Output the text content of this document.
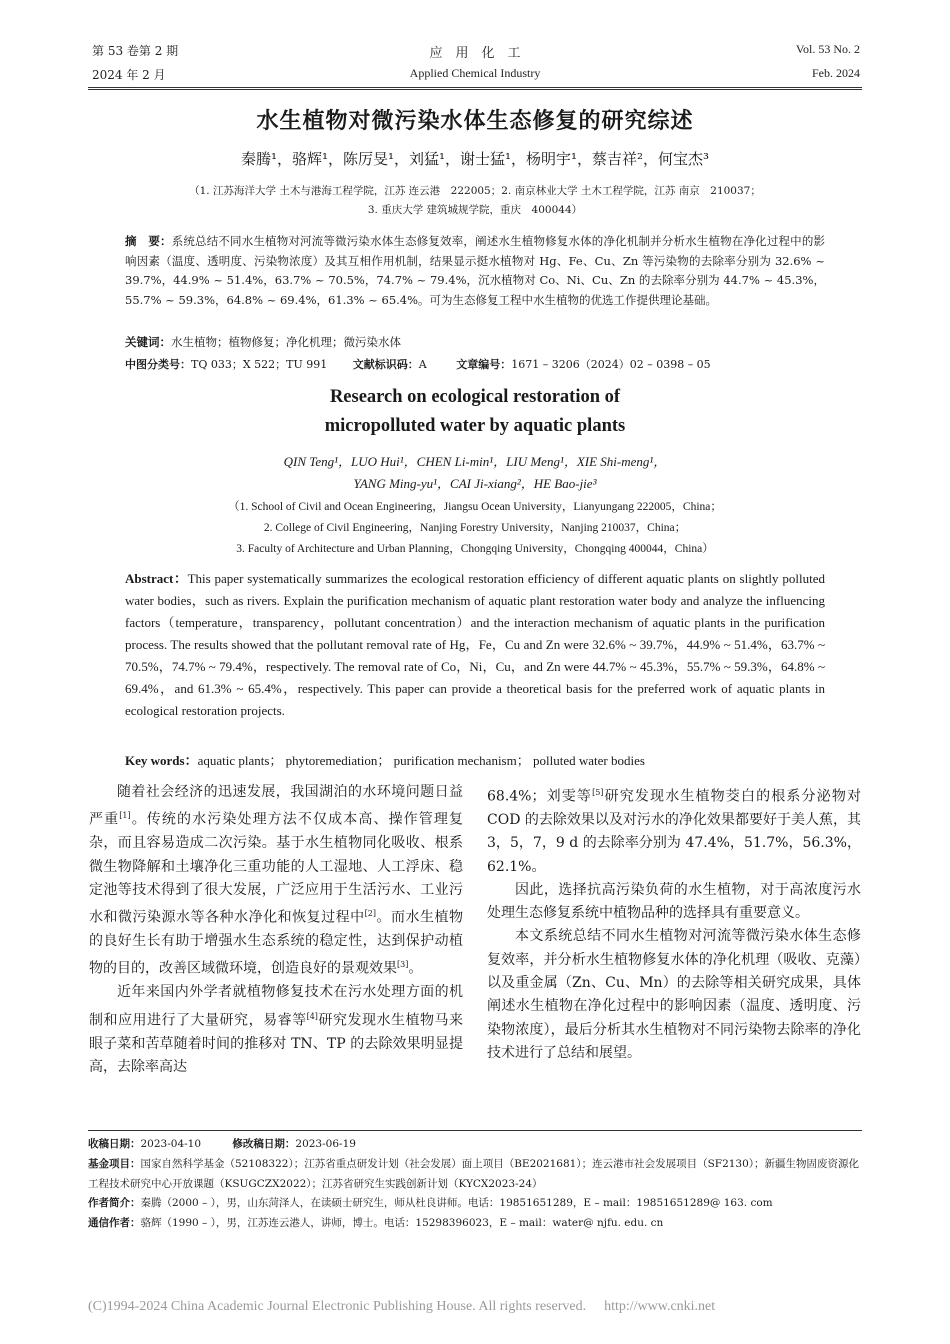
第 53 卷第 2 期
2024 年 2 月
应　用　化　工
Applied Chemical Industry
Vol. 53 No. 2
Feb. 2024
水生植物对微污染水体生态修复的研究综述
秦腾¹，骆辉¹，陈厉旻¹，刘猛¹，谢士猛¹，杨明宇¹，蔡吉祥²，何宝杰³
（1. 江苏海洋大学 土木与港海工程学院，江苏 连云港　222005；2. 南京林业大学 土木工程学院，江苏 南京　210037；
3. 重庆大学 建筑城规学院，重庆　400044）
摘　要：系统总结不同水生植物对河流等微污染水体生态修复效率，阐述水生植物修复水体的净化机制并分析水生植物在净化过程中的影响因素（温度、透明度、污染物浓度）及其互相作用机制，结果显示挺水植物对 Hg、Fe、Cu、Zn 等污染物的去除率分别为 32.6% ~ 39.7%，44.9% ~ 51.4%，63.7% ~ 70.5%，74.7% ~ 79.4%，沉水植物对 Co、Ni、Cu、Zn 的去除率分别为 44.7% ~ 45.3%，55.7% ~ 59.3%，64.8% ~ 69.4%，61.3% ~ 65.4%。可为生态修复工程中水生植物的优选工作提供理论基础。
关键词：水生植物；植物修复；净化机理；微污染水体
中图分类号：TQ 033；X 522；TU 991 文献标识码：A	文章编号：1671 – 3206（2024）02 – 0398 – 05
Research on ecological restoration of
micropolluted water by aquatic plants
QIN Teng¹，LUO Hui¹，CHEN Li-min¹，LIU Meng¹，XIE Shi-meng¹，
YANG Ming-yu¹，CAI Ji-xiang²，HE Bao-jie³
（1. School of Civil and Ocean Engineering，Jiangsu Ocean University，Lianyungang 222005，China；
2. College of Civil Engineering，Nanjing Forestry University，Nanjing 210037，China；
3. Faculty of Architecture and Urban Planning，Chongqing University，Chongqing 400044，China）
Abstract：This paper systematically summarizes the ecological restoration efficiency of different aquatic plants on slightly polluted water bodies，such as rivers. Explain the purification mechanism of aquatic plant restoration water body and analyze the influencing factors（temperature，transparency，pollutant concentration）and the interaction mechanism of aquatic plants in the purification process. The results showed that the pollutant removal rate of Hg，Fe，Cu and Zn were 32.6% ~ 39.7%，44.9% ~ 51.4%，63.7% ~ 70.5%，74.7% ~ 79.4%，respectively. The removal rate of Co，Ni，Cu，and Zn were 44.7% ~ 45.3%，55.7% ~ 59.3%，64.8% ~ 69.4%，and 61.3% ~ 65.4%，respectively. This paper can provide a theoretical basis for the preferred work of aquatic plants in ecological restoration projects.
Key words：aquatic plants； phytoremediation； purification mechanism； polluted water bodies

随着社会经济的迅速发展，我国湖泊的水环境问题日益严重[1]。传统的水污染处理方法不仅成本高、操作管理复杂，而且容易造成二次污染。基于水生植物同化吸收、根系微生物降解和土壤净化三重功能的人工湿地、人工浮床、稳定池等技术得到了很大发展，广泛应用于生活污水、工业污水和微污染源水等各种水净化和恢复过程中[2]。而水生植物的良好生长有助于增强水生态系统的稳定性，达到保护动植物的目的，改善区域微环境，创造良好的景观效果[3]。

近年来国内外学者就植物修复技术在污水处理方面的机制和应用进行了大量研究，易睿等[4]研究发现水生植物马来眼子菜和苦草随着时间的推移对 TN、TP 的去除效果明显提高，去除率高达

68.4%；刘雯等[5]研究发现水生植物茭白的根系分泌物对 COD 的去除效果以及对污水的净化效果都要好于美人蕉，其 3，5，7，9 d 的去除率分别为 47.4%，51.7%，56.3%，62.1%。

因此，选择抗高污染负荷的水生植物，对于高浓度污水处理生态修复系统中植物品种的选择具有重要意义。

本文系统总结不同水生植物对河流等微污染水体生态修复效率，并分析水生植物修复水体的净化机理（吸收、克藻）以及重金属（Zn、Cu、Mn）的去除等相关研究成果，具体阐述水生植物在净化过程中的影响因素（温度、透明度、污染物浓度），最后分析其水生植物对不同污染物去除率的净化技术进行了总结和展望。

收稿日期：2023-04-10	修改稿日期：2023-06-19
基金项目：国家自然科学基金（52108322）；江苏省重点研发计划（社会发展）面上项目（BE2021681）；连云港市社会发展项目（SF2130）；新疆生物固废资源化工程技术研究中心开放课题（KSUGCZX2022）；江苏省研究生实践创新计划（KYCX2023-24）
作者简介：秦腾（2000 – ），男，山东菏泽人，在读硕士研究生，师从杜良讲师。电话：19851651289，E – mail：19851651289@ 163. com
通信作者：骆辉（1990 – ），男，江苏连云港人，讲师，博士。电话：15298396023，E – mail：water@ njfu. edu. cn
(C)1994-2024 China Academic Journal Electronic Publishing House. All rights reserved. http://www.cnki.net
